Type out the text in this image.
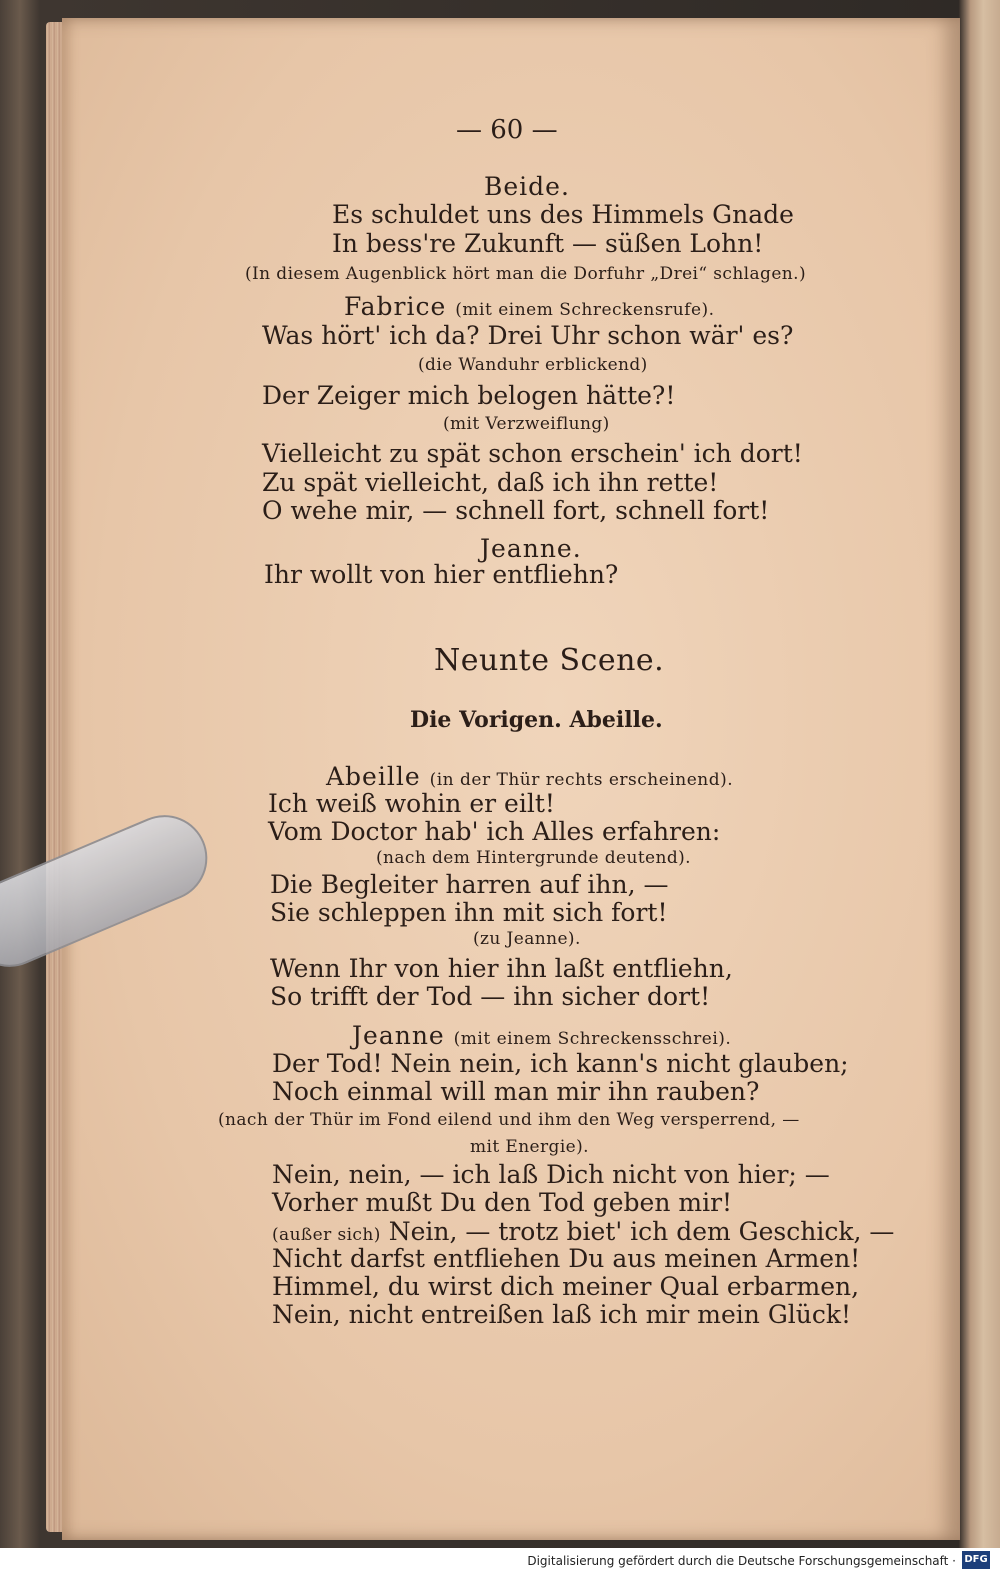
— 60 —
Beide.
Es schuldet uns des Himmels Gnade
In bess're Zukunft — süßen Lohn!
(In diesem Augenblick hört man die Dorfuhr „Drei“ schlagen.)
Fabrice (mit einem Schreckensrufe).
Was hört' ich da? Drei Uhr schon wär' es?
(die Wanduhr erblickend)
Der Zeiger mich belogen hätte?!
(mit Verzweiflung)
Vielleicht zu spät schon erschein' ich dort!
Zu spät vielleicht, daß ich ihn rette!
O wehe mir, — schnell fort, schnell fort!
Jeanne.
Ihr wollt von hier entfliehn?
Neunte Scene.
Die Vorigen. Abeille.
Abeille (in der Thür rechts erscheinend).
Ich weiß wohin er eilt!
Vom Doctor hab' ich Alles erfahren:
(nach dem Hintergrunde deutend).
Die Begleiter harren auf ihn, —
Sie schleppen ihn mit sich fort!
(zu Jeanne).
Wenn Ihr von hier ihn laßt entfliehn,
So trifft der Tod — ihn sicher dort!
Jeanne (mit einem Schreckensschrei).
Der Tod! Nein nein, ich kann's nicht glauben;
Noch einmal will man mir ihn rauben?
(nach der Thür im Fond eilend und ihm den Weg versperrend, —
mit Energie).
Nein, nein, — ich laß Dich nicht von hier; —
Vorher mußt Du den Tod geben mir!
(außer sich) Nein, — trotz biet' ich dem Geschick, —
Nicht darfst entfliehen Du aus meinen Armen!
Himmel, du wirst dich meiner Qual erbarmen,
Nein, nicht entreißen laß ich mir mein Glück!
Digitalisierung gefördert durch die Deutsche Forschungsgemeinschaft · DFG
